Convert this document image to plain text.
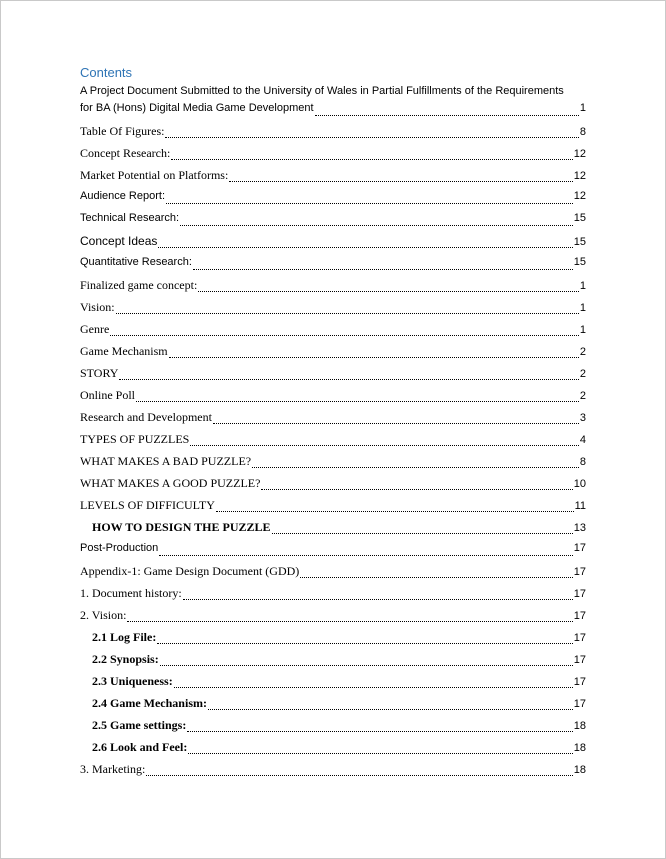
Contents
A Project Document Submitted to the University of Wales in Partial Fulfillments of the Requirements
for BA (Hons) Digital Media Game Development	1
Table Of Figures:	8
Concept Research:	12
Market Potential on Platforms:	12
Audience Report:	12
Technical Research:	15
Concept Ideas	15
Quantitative Research:	15
Finalized game concept:	1
Vision:	1
Genre	1
Game Mechanism	2
STORY	2
Online Poll	2
Research and Development	3
TYPES OF PUZZLES	4
WHAT MAKES A BAD PUZZLE?	8
WHAT MAKES A GOOD PUZZLE?	10
LEVELS OF DIFFICULTY	11
HOW TO DESIGN THE PUZZLE	13
Post-Production	17
Appendix-1: Game Design Document (GDD)	17
1. Document history:	17
2. Vision:	17
2.1 Log File:	17
2.2 Synopsis:	17
2.3 Uniqueness:	17
2.4 Game Mechanism:	17
2.5 Game settings:	18
2.6 Look and Feel:	18
3. Marketing:	18
